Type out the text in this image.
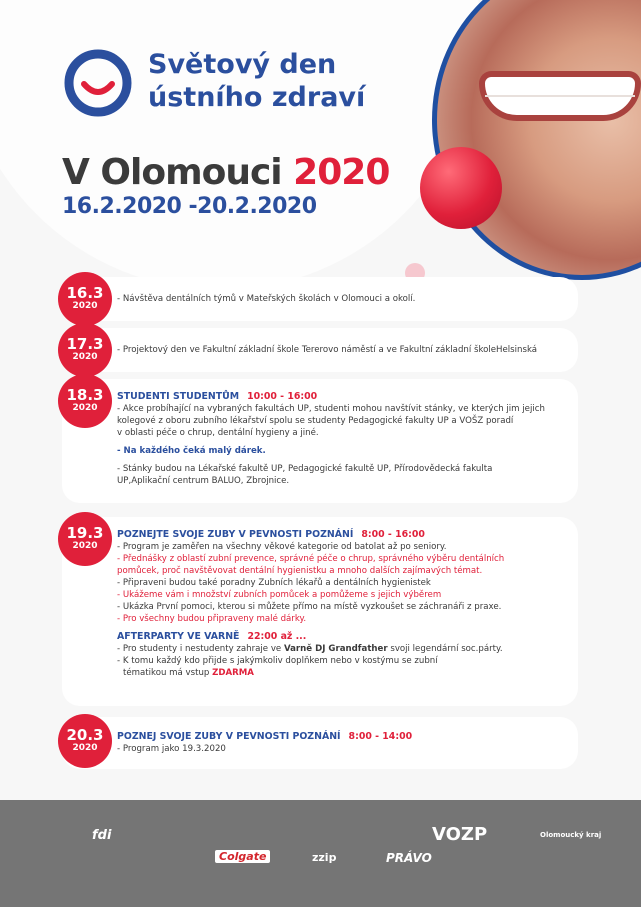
Světový den
ústního zdraví
V Olomouci 2020
16.2.2020 -20.2.2020
16.3
2020

- Návštěva dentálních týmů v Mateřských školách v Olomouci a okolí.

17.3
2020

- Projektový den ve Fakultní základní škole Tererovo náměstí a ve Fakultní základní školeHelsinská

18.3
2020

STUDENTI STUDENTŮM 10:00 - 16:00

- Akce probíhající na vybraných fakultách UP, studenti mohou navštívit stánky, ve kterých jim jejich

kolegové z oboru zubního lékařství spolu se studenty Pedagogické fakulty UP a VOŠZ poradí

v oblasti péče o chrup, dentální hygieny a jiné.

- Na každého čeká malý dárek.

- Stánky budou na Lékařské fakultě UP, Pedagogické fakultě UP, Přírodovědecká fakulta

UP,Aplikační centrum BALUO, Zbrojnice.

19.3
2020

POZNEJTE SVOJE ZUBY V PEVNOSTI POZNÁNÍ 8:00 - 16:00

- Program je zaměřen na všechny věkové kategorie od batolat až po seniory.

- Přednášky z oblastí zubní prevence, správné péče o chrup, správného výběru dentálních

pomůcek, proč navštěvovat dentální hygienistku a mnoho dalších zajímavých témat.

- Připraveni budou také poradny Zubních lékařů a dentálních hygienistek

- Ukážeme vám i množství zubních pomůcek a pomůžeme s jejich výběrem

- Ukázka První pomoci, kterou si můžete přímo na místě vyzkoušet se záchranáři z praxe.

- Pro všechny budou připraveny malé dárky.

AFTERPARTY VE VARNĚ 22:00 až ...

- Pro studenty i nestudenty zahraje ve Varně DJ Grandfather svoji legendární soc.párty.

- K tomu každý kdo přijde s jakýmkoliv doplňkem nebo v kostýmu se zubní

tématikou má vstup ZDARMA

20.3
2020

POZNEJ SVOJE ZUBY V PEVNOSTI POZNÁNÍ 8:00 - 14:00

- Program jako 19.3.2020

fdi	VOZP	Olomoucký kraj
Colgate	zzip	PRÁVO
